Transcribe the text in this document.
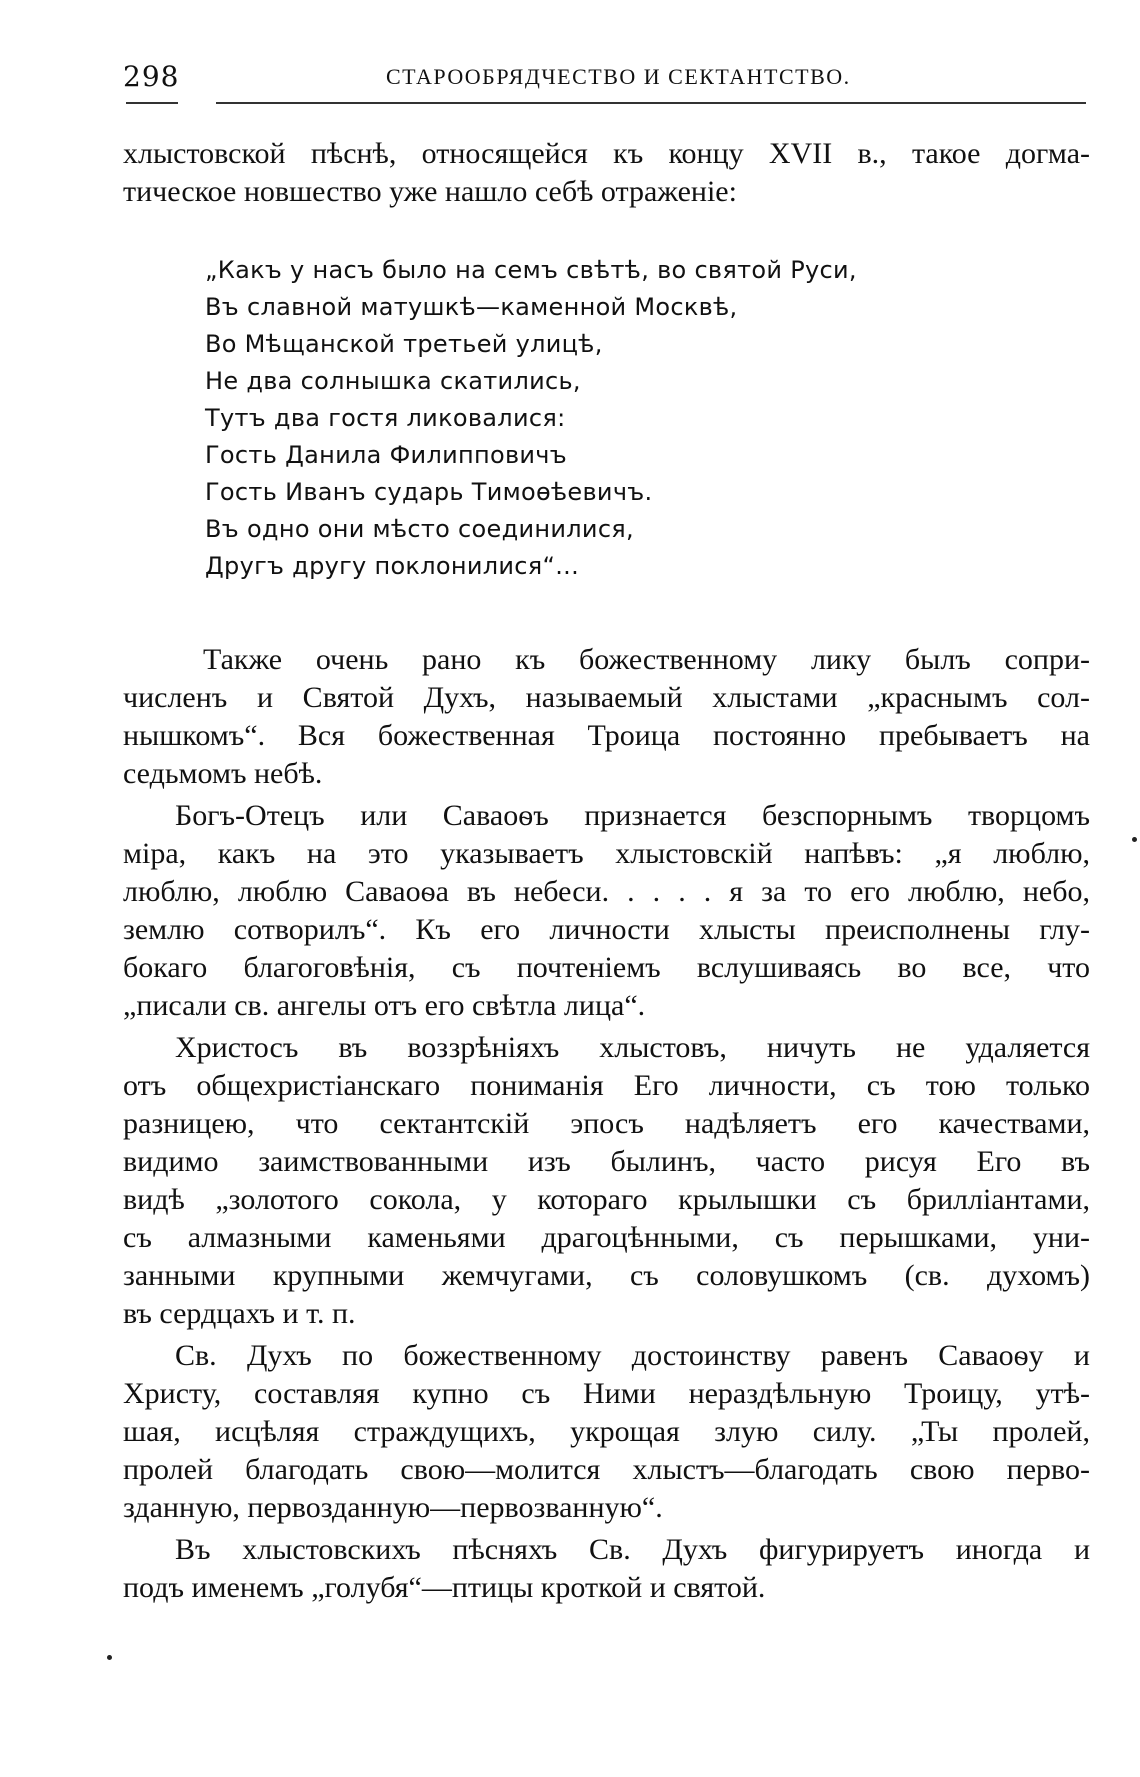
298	СТАРООБРЯДЧЕСТВО И СЕКТАНТСТВО.
хлыстовской пѣснѣ, относящейся къ концу XVII в., такое догма-
тическое новшество уже нашло себѣ отраженіе:
„Какъ у насъ было на семъ свѣтѣ, во святой Руси,
Въ славной матушкѣ—каменной Москвѣ,
Во Мѣщанской третьей улицѣ,
Не два солнышка скатились,
Тутъ два гостя ликовалися:
Гость Данила Филипповичъ
Гость Иванъ сударь Тимоѳѣевичъ.
Въ одно они мѣсто соединилися,
Другъ другу поклонилися“...
Также очень рано къ божественному лику былъ сопри-
численъ и Святой Духъ, называемый хлыстами „краснымъ сол-
нышкомъ“. Вся божественная Троица постоянно пребываетъ на
седьмомъ небѣ.
Богъ-Отецъ или Саваоѳъ признается безспорнымъ творцомъ
міра, какъ на это указываетъ хлыстовскій напѣвъ: „я люблю,
люблю, люблю Саваоѳа въ небеси. . . . . я за то его люблю, небо,
землю сотворилъ“. Къ его личности хлысты преисполнены глу-
бокаго благоговѣнія, съ почтеніемъ вслушиваясь во все, что
„писали св. ангелы отъ его свѣтла лица“.
Христосъ въ воззрѣніяхъ хлыстовъ, ничуть не удаляется
отъ общехристіанскаго пониманія Его личности, съ тою только
разницею, что сектантскій эпосъ надѣляетъ его качествами,
видимо заимствованными изъ былинъ, часто рисуя Его въ
видѣ „золотого сокола, у котораго крылышки съ брилліантами,
съ алмазными каменьями драгоцѣнными, съ перышками, уни-
занными крупными жемчугами, съ соловушкомъ (св. духомъ)
въ сердцахъ и т. п.
Св. Духъ по божественному достоинству равенъ Саваоѳу и
Христу, составляя купно съ Ними нераздѣльную Троицу, утѣ-
шая, исцѣляя страждущихъ, укрощая злую силу. „Ты пролей,
пролей благодать свою—молится хлыстъ—благодать свою перво-
зданную, первозданную—первозванную“.
Въ хлыстовскихъ пѣсняхъ Св. Духъ фигурируетъ иногда и
подъ именемъ „голубя“—птицы кроткой и святой.
